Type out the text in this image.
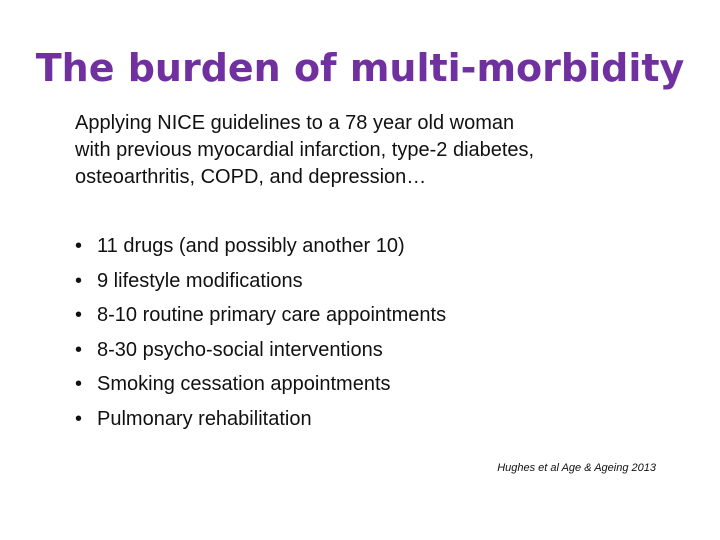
The burden of multi-morbidity
Applying NICE guidelines to a 78 year old woman
with previous myocardial infarction, type-2 diabetes,
osteoarthritis, COPD, and depression…
• 11 drugs (and possibly another 10)
• 9 lifestyle modifications
• 8-10 routine primary care appointments
• 8-30 psycho-social interventions
• Smoking cessation appointments
• Pulmonary rehabilitation
Hughes et al Age & Ageing 2013
